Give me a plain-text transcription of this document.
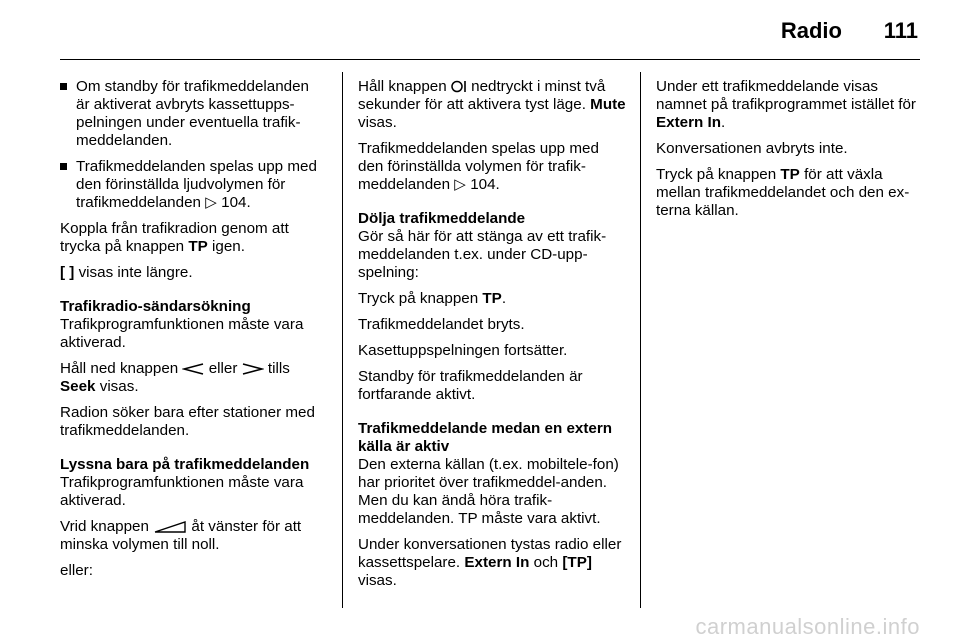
Radio 111
Om standby för trafikmeddelanden är aktiverat avbryts kassettupps-pelningen under eventuella trafik-meddelanden.
Trafikmeddelanden spelas upp med den förinställda ljudvolymen för trafikmeddelanden ▷ 104.

Koppla från trafikradion genom att trycka på knappen TP igen.

[ ] visas inte längre.

Trafikradio-sändarsökning

Trafikprogramfunktionen måste vara aktiverad.

Håll ned knappen eller tills Seek visas.

Radion söker bara efter stationer med trafikmeddelanden.

Lyssna bara på trafikmeddelanden

Trafikprogramfunktionen måste vara aktiverad.

Vrid knappen	åt vänster för att minska volymen till noll.

eller:

Håll knappen nedtryckt i minst två sekunder för att aktivera tyst läge. Mute visas.

Trafikmeddelanden spelas upp med den förinställda volymen för trafik-meddelanden ▷ 104.

Dölja trafikmeddelande

Gör så här för att stänga av ett trafik-meddelanden t.ex. under CD-upp-spelning:

Tryck på knappen TP.

Trafikmeddelandet bryts.

Kasettuppspelningen fortsätter.

Standby för trafikmeddelanden är fortfarande aktivt.

Trafikmeddelande medan en extern källa är aktiv

Den externa källan (t.ex. mobiltele-fon) har prioritet över trafikmeddel-anden. Men du kan ändå höra trafik-meddelanden. TP måste vara aktivt.

Under konversationen tystas radio eller kassettspelare. Extern In och [TP] visas.

Under ett trafikmeddelande visas namnet på trafikprogrammet istället för Extern In.

Konversationen avbryts inte.

Tryck på knappen TP för att växla mellan trafikmeddelandet och den ex-terna källan.

carmanualsonline.info
